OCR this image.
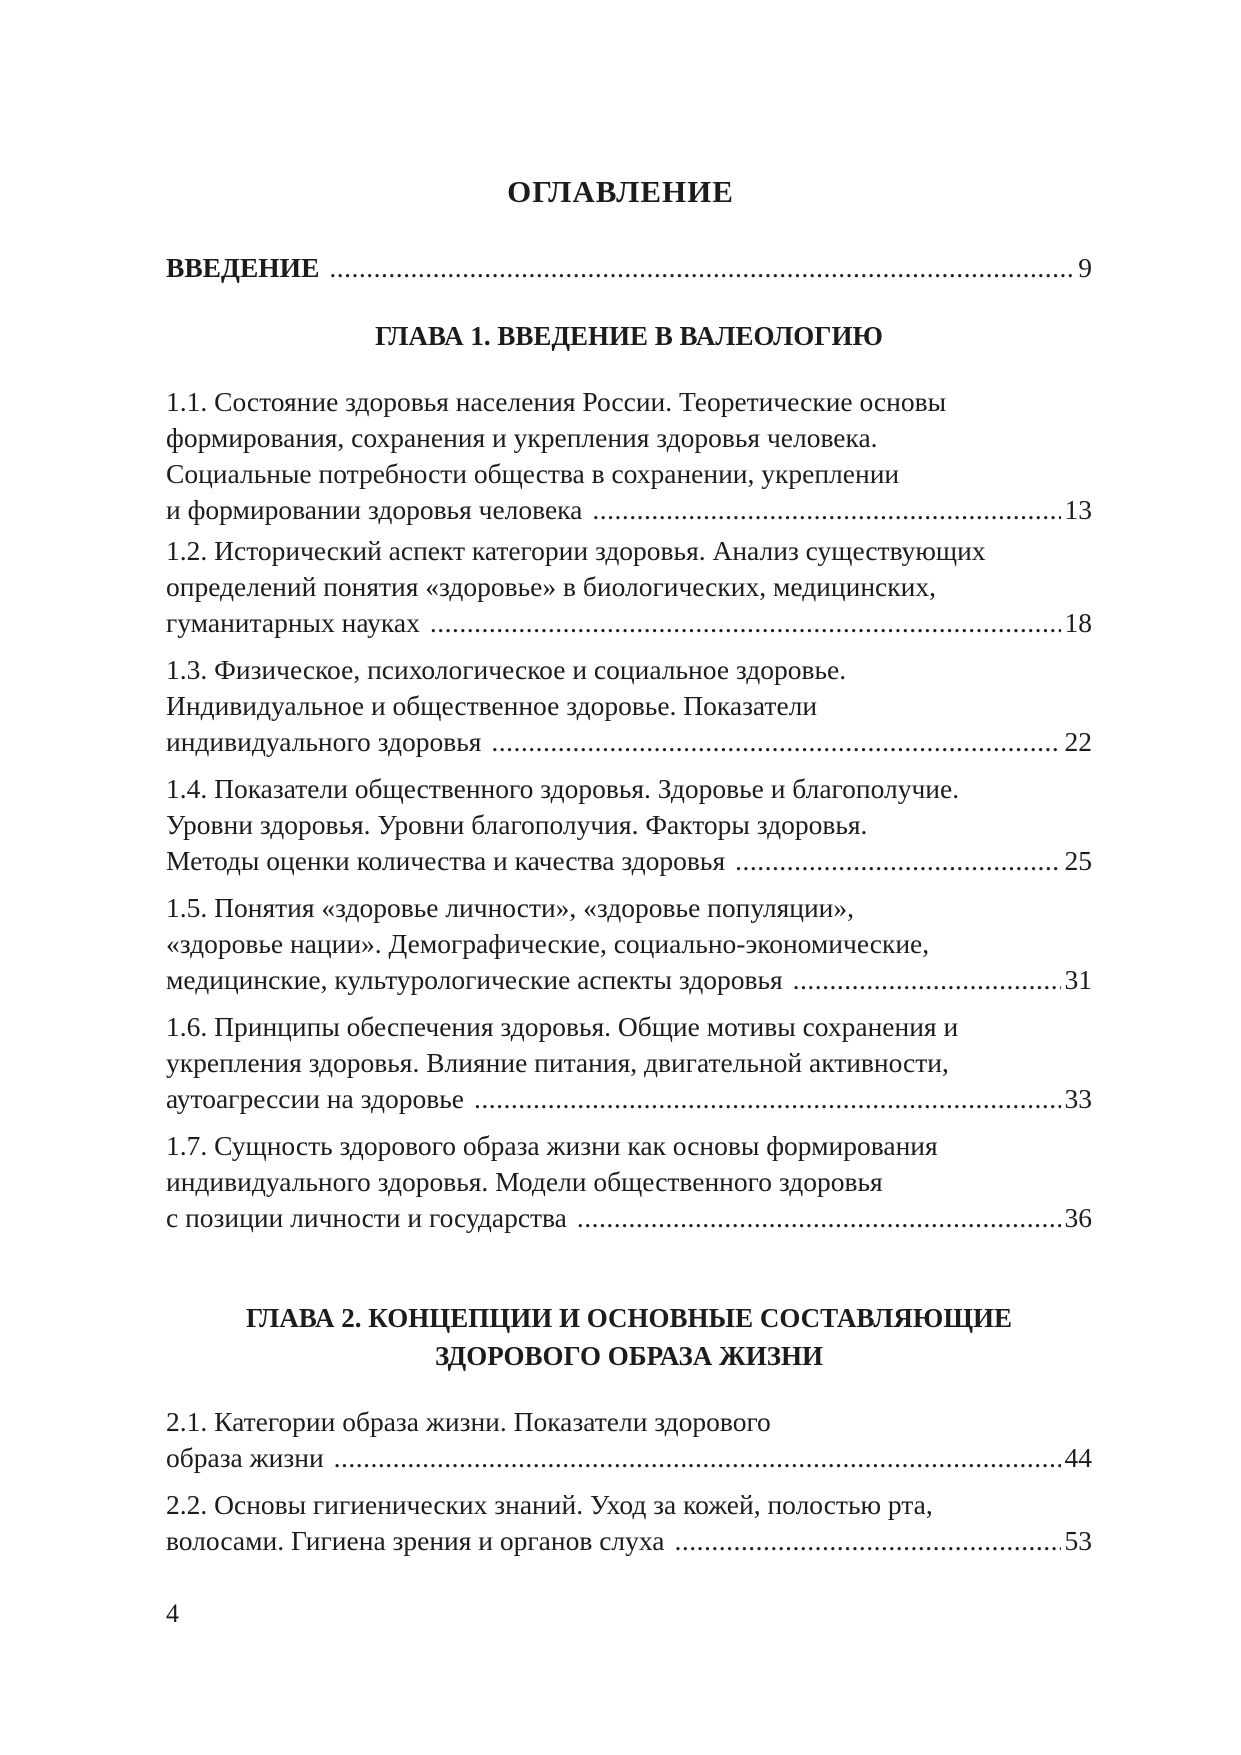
ОГЛАВЛЕНИЕ
ВВЕДЕНИЕ .....	9
ГЛАВА 1. ВВЕДЕНИЕ В ВАЛЕОЛОГИЮ
1.1. Состояние здоровья населения России. Теоретические основы
формирования, сохранения и укрепления здоровья человека.
Социальные потребности общества в сохранении, укреплении
и формировании здоровья человека .....	13
1.2. Исторический аспект категории здоровья. Анализ существующих
определений понятия «здоровье» в биологических, медицинских,
гуманитарных науках .....	18
1.3. Физическое, психологическое и социальное здоровье.
Индивидуальное и общественное здоровье. Показатели
индивидуального здоровья .....	22
1.4. Показатели общественного здоровья. Здоровье и благополучие.
Уровни здоровья. Уровни благополучия. Факторы здоровья.
Методы оценки количества и качества здоровья .....	25
1.5. Понятия «здоровье личности», «здоровье популяции»,
«здоровье нации». Демографические, социально-экономические,
медицинские, культурологические аспекты здоровья .....	31
1.6. Принципы обеспечения здоровья. Общие мотивы сохранения и
укрепления здоровья. Влияние питания, двигательной активности,
аутоагрессии на здоровье .....	33
1.7. Сущность здорового образа жизни как основы формирования
индивидуального здоровья. Модели общественного здоровья
с позиции личности и государства .....	36
ГЛАВА 2. КОНЦЕПЦИИ И ОСНОВНЫЕ СОСТАВЛЯЮЩИЕ
ЗДОРОВОГО ОБРАЗА ЖИЗНИ
2.1. Категории образа жизни. Показатели здорового
образа жизни .....	44
2.2. Основы гигиенических знаний. Уход за кожей, полостью рта,
волосами. Гигиена зрения и органов слуха .....	53

4
